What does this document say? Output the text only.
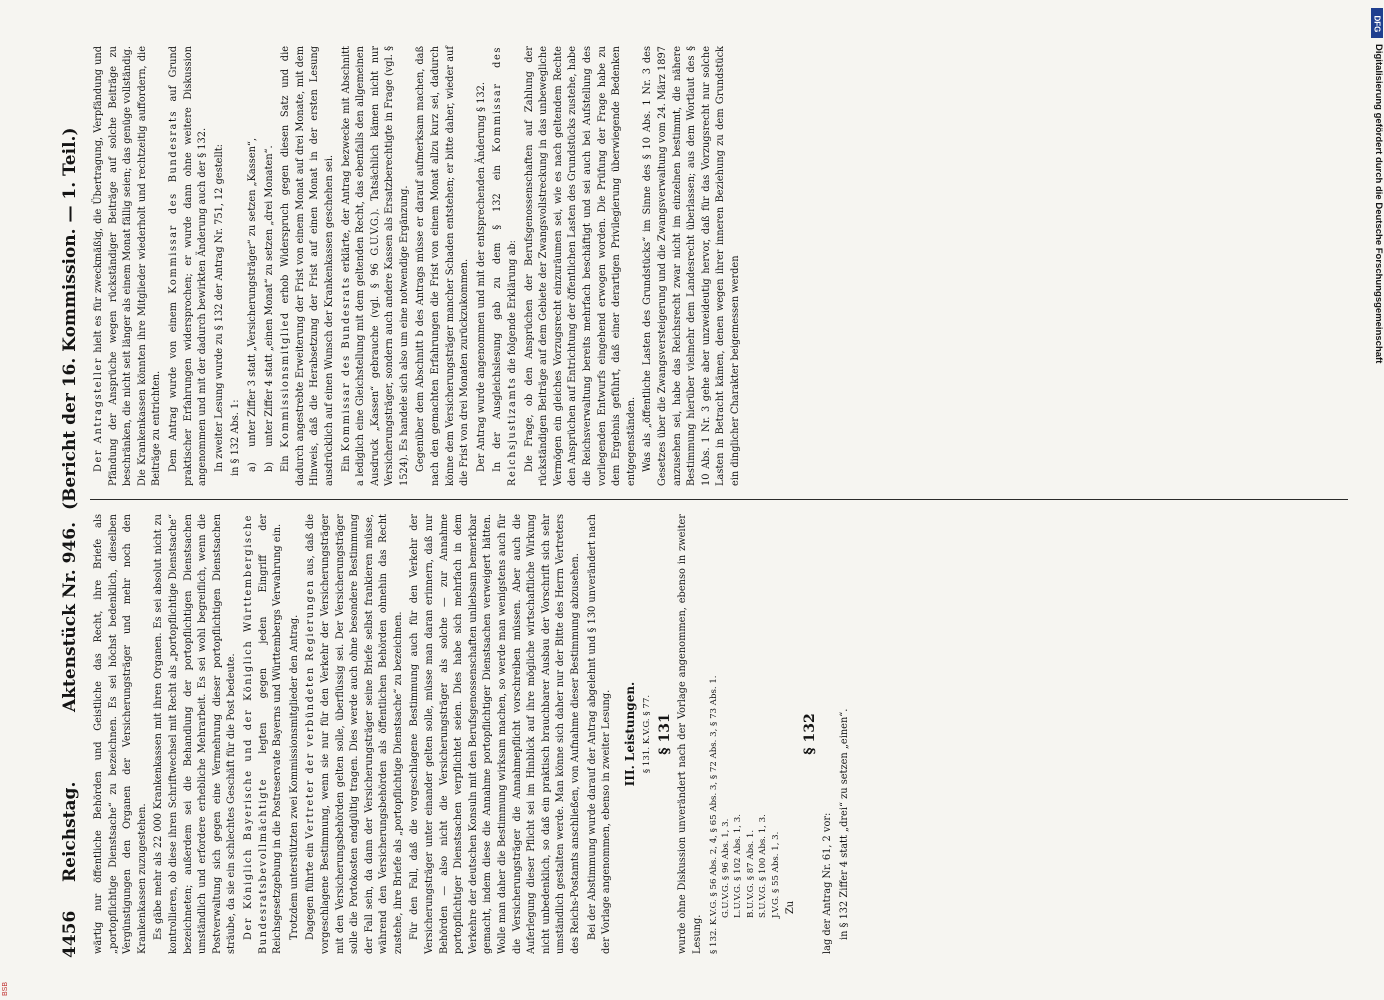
4456
Reichstag.
Aktenstück Nr. 946.
(Bericht der 16. Kommission. — 1. Teil.)

wärtig nur öffentliche Behörden und Geistliche das Recht, ihre Briefe als „portopflichtige Dienstsache“ zu bezeichnen. Es sei höchst bedenklich, dieselben Vergünstigungen den Organen der Versicherungsträger und mehr noch den Krankenkassen zuzugestehen. Es gäbe mehr als 22 000 Krankenkassen mit ihren Organen. Es sei absolut nicht zu kontrollieren, ob diese ihren Schriftwechsel mit Recht als „portopflichtige Dienstsache“ bezeichneten; außerdem sei die Behandlung der portopflichtigen Dienstsachen umständlich und erfordere erhebliche Mehrarbeit. Es sei wohl begreiflich, wenn die Postverwaltung sich gegen eine Vermehrung dieser portopflichtigen Dienstsachen sträube, da sie ein schlechtes Geschäft für die Post bedeute. Der Königlich Bayerische und der Königlich Württembergische Bundesratsbevollmächtigte legten gegen jeden Eingriff der Reichsgesetzgebung in die Postreservate Bayerns und Württembergs Verwahrung ein. Trotzdem unterstützten zwei Kommissionsmitglieder den Antrag. Dagegen führte ein Vertreter der verbündeten Regierungen aus, daß die vorgeschlagene Bestimmung, wenn sie nur für den Verkehr der Versicherungsträger mit den Versicherungsbehörden gelten solle, überflüssig sei. Der Versicherungsträger solle die Portokosten endgültig tragen. Dies werde auch ohne besondere Bestimmung der Fall sein, da dann der Versicherungsträger seine Briefe selbst frankieren müsse, während den Versicherungsbehörden als öffentlichen Behörden ohnehin das Recht zustehe, ihre Briefe als „portopflichtige Dienstsache“ zu bezeichnen. Für den Fall, daß die vorgeschlagene Bestimmung auch für den Verkehr der Versicherungsträger unter einander gelten solle, müsse man daran erinnern, daß nur Behörden — also nicht die Versicherungsträger als solche — zur Annahme portopflichtiger Dienstsachen verpflichtet seien. Dies habe sich mehrfach in dem Verkehre der deutschen Konsuln mit den Berufsgenossenschaften unliebsam bemerkbar gemacht, indem diese die Annahme portopflichtiger Dienstsachen verweigert hätten. Wolle man daher die Bestimmung wirksam machen, so werde man wenigstens auch für die Versicherungsträger die Annahmepflicht vorschreiben müssen. Aber auch die Auferlegung dieser Pflicht sei im Hinblick auf ihre mögliche wirtschaftliche Wirkung nicht unbedenklich, so daß ein praktisch brauchbarer Ausbau der Vorschrift sich sehr umständlich gestalten werde. Man könne sich daher nur der Bitte des Herrn Vertreters des Reichs-Postamts anschließen, von Aufnahme dieser Bestimmung abzusehen. Bei der Abstimmung wurde darauf der Antrag abgelehnt und § 130 unverändert nach der Vorlage angenommen, ebenso in zweiter Lesung. III. Leistungen. § 131. K.V.G. § 77. § 131 wurde ohne Diskussion unverändert nach der Vorlage angenommen, ebenso in zweiter Lesung. § 132. K.V.G. § 56 Abs. 2, 4, § 65 Abs. 3, § 72 Abs. 3, § 73 Abs. 1. G.U.V.G. § 96 Abs. 1, 3. L.U.V.G. § 102 Abs. 1, 3. B.U.V.G. § 87 Abs. 1. S.U.V.G. § 100 Abs. 1, 3. J.V.G. § 55 Abs. 1, 3. Zu

§ 132

lag der Antrag Nr. 61, 2 vor: in § 132 Ziffer 4 statt „drei“ zu setzen „einen“.

Der Antragsteller hielt es für zweckmäßig, die Übertragung, Verpfändung und Pfändung der Ansprüche wegen rückständiger Beiträge auf solche Beiträge zu beschränken, die nicht seit länger als einem Monat fällig seien; das genüge vollständig. Die Krankenkassen könnten ihre Mitglieder wiederholt und rechtzeitig auffordern, die Beiträge zu entrichten. Dem Antrag wurde von einem Kommissar des Bundesrats auf Grund praktischer Erfahrungen widersprochen; er wurde dann ohne weitere Diskussion angenommen und mit der dadurch bewirkten Änderung auch der § 132. In zweiter Lesung wurde zu § 132 der Antrag Nr. 751, 12 gestellt: in § 132 Abs. 1: a) unter Ziffer 3 statt „Versicherungsträger“ zu setzen „Kassen“,

b) unter Ziffer 4 statt „einen Monat“ zu setzen „drei Monaten“.

Ein Kommissionsmitglied erhob Widerspruch gegen diesen Satz und die dadurch angestrebte Erweiterung der Frist von einem Monat auf drei Monate, mit dem Hinweis, daß die Herabsetzung der Frist auf einen Monat in der ersten Lesung ausdrücklich auf einen Wunsch der Krankenkassen geschehen sei. Ein Kommissar des Bundesrats erklärte, der Antrag bezwecke mit Abschnitt a lediglich eine Gleichstellung mit dem geltenden Recht, das ebenfalls den allgemeinen Ausdruck „Kassen“ gebrauche (vgl. § 96 G.U.V.G.). Tatsächlich kämen nicht nur Versicherungsträger, sondern auch andere Kassen als Ersatzberechtigte in Frage (vgl. § 1524). Es handele sich also um eine notwendige Ergänzung. Gegenüber dem Abschnitt b des Antrags müsse er darauf aufmerksam machen, daß nach den gemachten Erfahrungen die Frist von einem Monat allzu kurz sei, dadurch könne dem Versicherungsträger mancher Schaden entstehen; er bitte daher, wieder auf die Frist von drei Monaten zurückzukommen. Der Antrag wurde angenommen und mit der entsprechenden Änderung § 132. In der Ausgleichslesung gab zu dem § 132 ein Kommissar des Reichsjustizamts die folgende Erklärung ab: Die Frage, ob den Ansprüchen der Berufsgenossenschaften auf Zahlung der rückständigen Beiträge auf dem Gebiete der Zwangsvollstreckung in das unbewegliche Vermögen ein gleiches Vorzugsrecht einzuräumen sei, wie es nach geltendem Rechte den Ansprüchen auf Entrichtung der öffentlichen Lasten des Grundstücks zustehe, habe die Reichsverwaltung bereits mehrfach beschäftigt und sei auch bei Aufstellung des vorliegenden Entwurfs eingehend erwogen worden. Die Prüfung der Frage habe zu dem Ergebnis geführt, daß einer derartigen Privilegierung überwiegende Bedenken entgegenständen. Was als „öffentliche Lasten des Grundstücks“ im Sinne des § 10 Abs. 1 Nr. 3 des Gesetzes über die Zwangsversteigerung und die Zwangsverwaltung vom 24. März 1897 anzusehen sei, habe das Reichsrecht zwar nicht im einzelnen bestimmt, die nähere Bestimmung hierüber vielmehr dem Landesrecht überlassen; aus dem Wortlaut des § 10 Abs. 1 Nr. 3 gehe aber unzweideutig hervor, daß für das Vorzugsrecht nur solche Lasten in Betracht kämen, denen wegen ihrer inneren Beziehung zu dem Grundstück ein dinglicher Charakter beigemessen werden

DFG
Digitalisierung gefördert durch die Deutsche Forschungsgemeinschaft
BSB
